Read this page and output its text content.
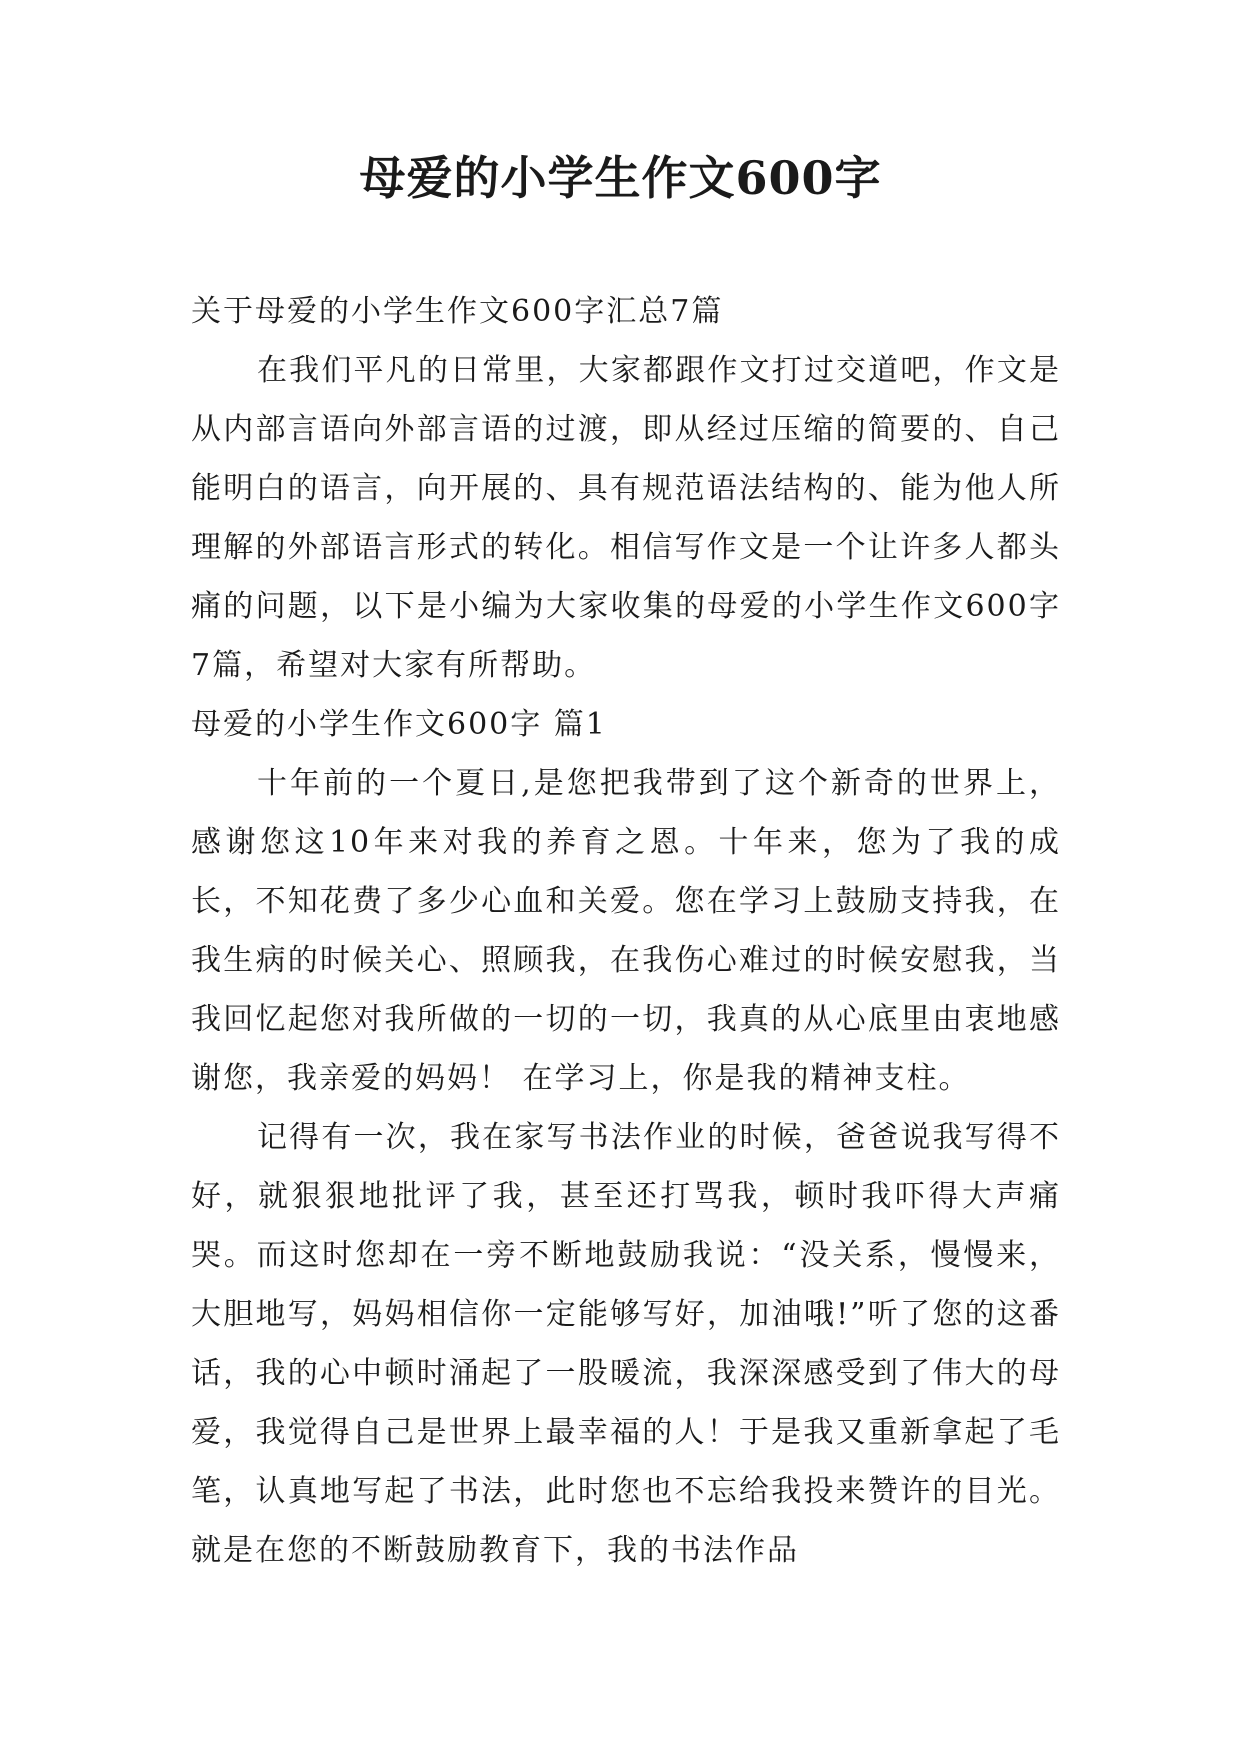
母爱的小学生作文600字

关于母爱的小学生作文600字汇总7篇

在我们平凡的日常里，大家都跟作文打过交道吧，作文是从内部言语向外部言语的过渡，即从经过压缩的简要的、自己能明白的语言，向开展的、具有规范语法结构的、能为他人所理解的外部语言形式的转化。相信写作文是一个让许多人都头痛的问题，以下是小编为大家收集的母爱的小学生作文600字7篇，希望对大家有所帮助。

母爱的小学生作文600字 篇1

十年前的一个夏日,是您把我带到了这个新奇的世界上，感谢您这10年来对我的养育之恩。十年来，您为了我的成长，不知花费了多少心血和关爱。您在学习上鼓励支持我，在我生病的时候关心、照顾我，在我伤心难过的时候安慰我，当我回忆起您对我所做的一切的一切，我真的从心底里由衷地感谢您，我亲爱的妈妈！ 在学习上，你是我的精神支柱。

记得有一次，我在家写书法作业的时候，爸爸说我写得不好，就狠狠地批评了我，甚至还打骂我，顿时我吓得大声痛哭。而这时您却在一旁不断地鼓励我说：“没关系，慢慢来，大胆地写，妈妈相信你一定能够写好，加油哦!”听了您的这番话，我的心中顿时涌起了一股暖流，我深深感受到了伟大的母爱，我觉得自己是世界上最幸福的人！于是我又重新拿起了毛笔，认真地写起了书法，此时您也不忘给我投来赞许的目光。就是在您的不断鼓励教育下，我的书法作品
